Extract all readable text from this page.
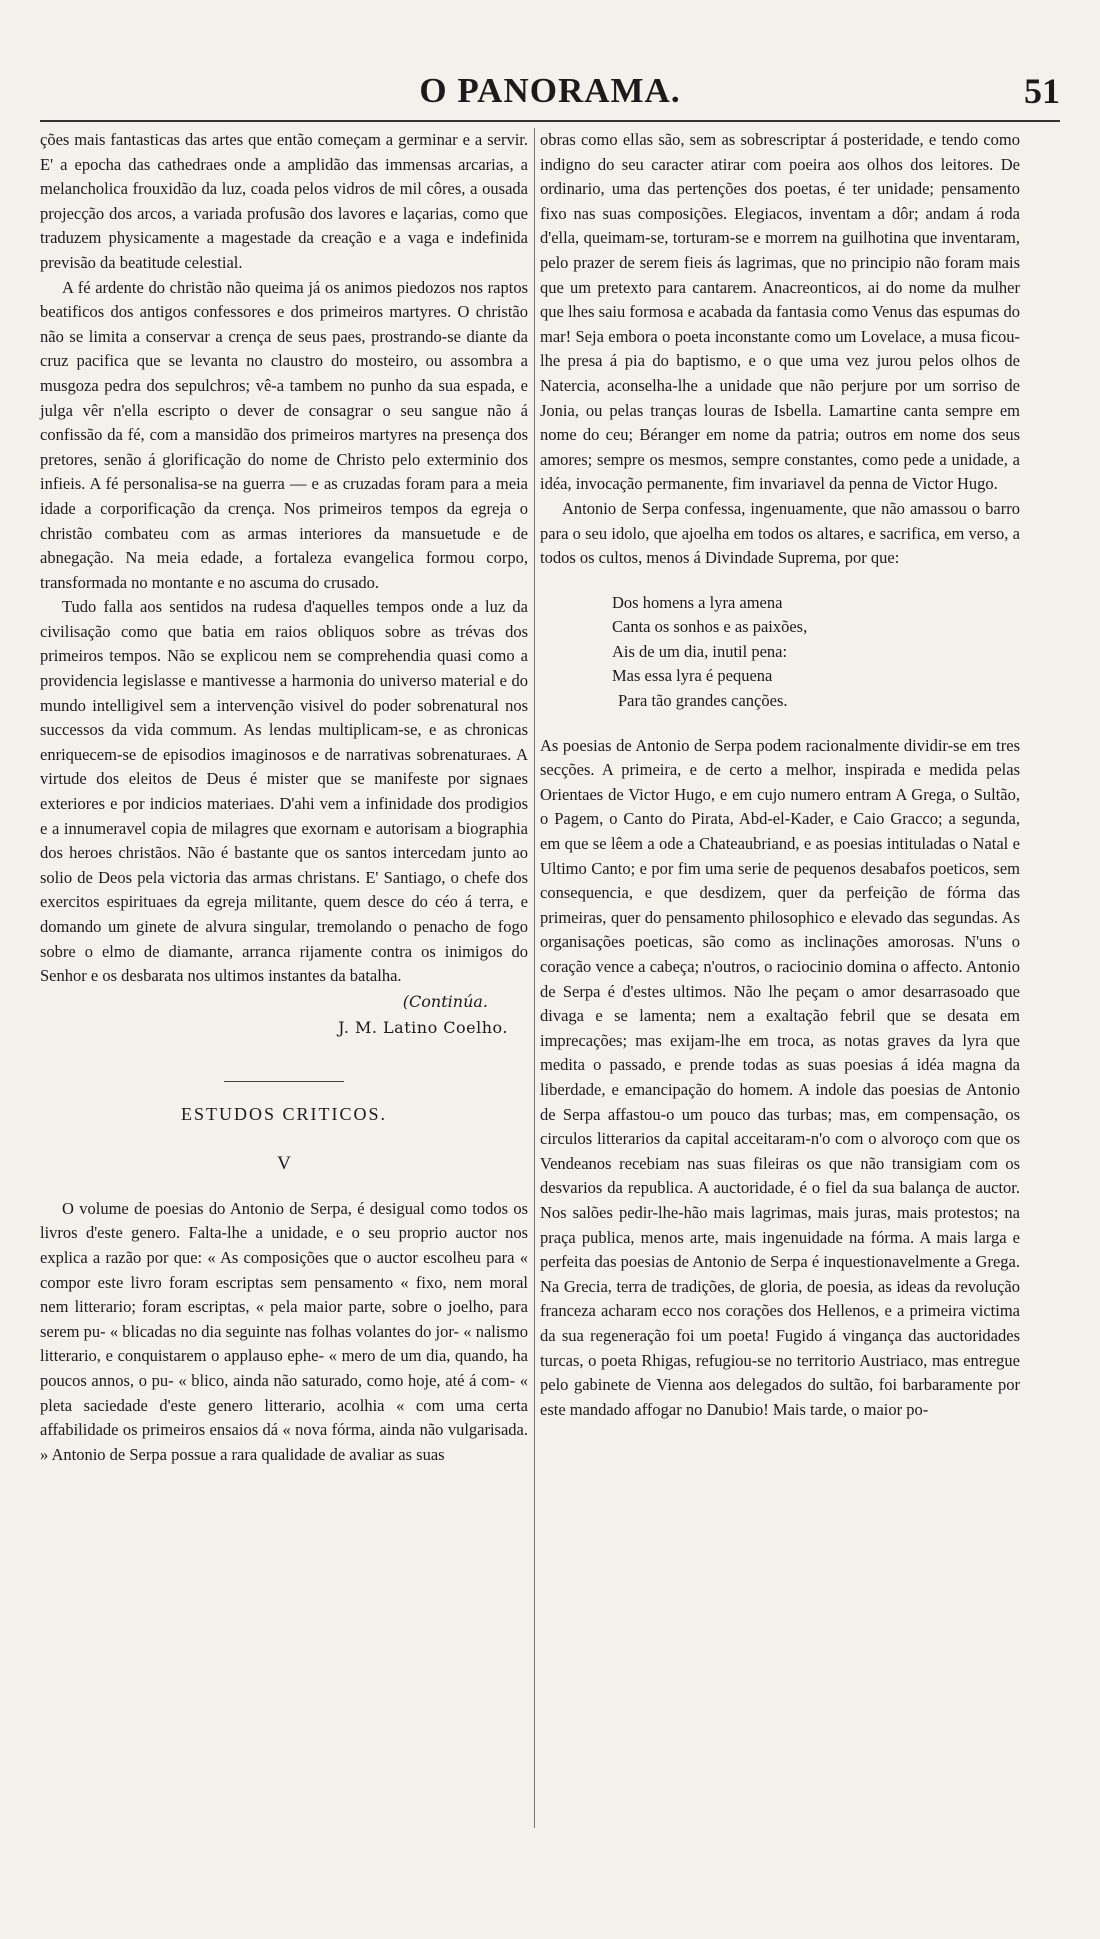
O PANORAMA.	51

ções mais fantasticas das artes que então começam a germinar e a servir. E' a epocha das cathedraes onde a amplidão das immensas arcarias, a melancholica frouxidão da luz, coada pelos vidros de mil côres, a ousada projecção dos arcos, a variada profusão dos lavores e laçarias, como que traduzem physicamente a magestade da creação e a vaga e indefinida previsão da beatitude celestial.

A fé ardente do christão não queima já os animos piedozos nos raptos beatificos dos antigos confessores e dos primeiros martyres. O christão não se limita a conservar a crença de seus paes, prostrando-se diante da cruz pacifica que se levanta no claustro do mosteiro, ou assombra a musgoza pedra dos sepulchros; vê-a tambem no punho da sua espada, e julga vêr n'ella escripto o dever de consagrar o seu sangue não á confissão da fé, com a mansidão dos primeiros martyres na presença dos pretores, senão á glorificação do nome de Christo pelo exterminio dos infieis. A fé personalisa-se na guerra — e as cruzadas foram para a meia idade a corporificação da crença. Nos primeiros tempos da egreja o christão combateu com as armas interiores da mansuetude e de abnegação. Na meia edade, a fortaleza evangelica formou corpo, transformada no montante e no ascuma do crusado.

Tudo falla aos sentidos na rudesa d'aquelles tempos onde a luz da civilisação como que batia em raios obliquos sobre as trévas dos primeiros tempos. Não se explicou nem se comprehendia quasi como a providencia legislasse e mantivesse a harmonia do universo material e do mundo intelligivel sem a intervenção visivel do poder sobrenatural nos successos da vida commum. As lendas multiplicam-se, e as chronicas enriquecem-se de episodios imaginosos e de narrativas sobrenaturaes. A virtude dos eleitos de Deus é mister que se manifeste por signaes exteriores e por indicios materiaes. D'ahi vem a infinidade dos prodigios e a innumeravel copia de milagres que exornam e autorisam a biographia dos heroes christãos. Não é bastante que os santos intercedam junto ao solio de Deos pela victoria das armas christans. E' Santiago, o chefe dos exercitos espirituaes da egreja militante, quem desce do céo á terra, e domando um ginete de alvura singular, tremolando o penacho de fogo sobre o elmo de diamante, arranca rijamente contra os inimigos do Senhor e os desbarata nos ultimos instantes da batalha.

(Continúa.

J. M. Latino Coelho.

ESTUDOS CRITICOS.

V

O volume de poesias do Antonio de Serpa, é desigual como todos os livros d'este genero. Falta-lhe a unidade, e o seu proprio auctor nos explica a razão por que: « As composições que o auctor escolheu para « compor este livro foram escriptas sem pensamento « fixo, nem moral nem litterario; foram escriptas, « pela maior parte, sobre o joelho, para serem pu- « blicadas no dia seguinte nas folhas volantes do jor- « nalismo litterario, e conquistarem o applauso ephe- « mero de um dia, quando, ha poucos annos, o pu- « blico, ainda não saturado, como hoje, até á com- « pleta saciedade d'este genero litterario, acolhia « com uma certa affabilidade os primeiros ensaios dá « nova fórma, ainda não vulgarisada. » Antonio de Serpa possue a rara qualidade de avaliar as suas

obras como ellas são, sem as sobrescriptar á posteridade, e tendo como indigno do seu caracter atirar com poeira aos olhos dos leitores. De ordinario, uma das pertenções dos poetas, é ter unidade; pensamento fixo nas suas composições. Elegiacos, inventam a dôr; andam á roda d'ella, queimam-se, torturam-se e morrem na guilhotina que inventaram, pelo prazer de serem fieis ás lagrimas, que no principio não foram mais que um pretexto para cantarem. Anacreonticos, ai do nome da mulher que lhes saiu formosa e acabada da fantasia como Venus das espumas do mar! Seja embora o poeta inconstante como um Lovelace, a musa ficou-lhe presa á pia do baptismo, e o que uma vez jurou pelos olhos de Natercia, aconselha-lhe a unidade que não perjure por um sorriso de Jonia, ou pelas tranças louras de Isbella. Lamartine canta sempre em nome do ceu; Béranger em nome da patria; outros em nome dos seus amores; sempre os mesmos, sempre constantes, como pede a unidade, a idéa, invocação permanente, fim invariavel da penna de Victor Hugo.

Antonio de Serpa confessa, ingenuamente, que não amassou o barro para o seu idolo, que ajoelha em todos os altares, e sacrifica, em verso, a todos os cultos, menos á Divindade Suprema, por que:

Dos homens a lyra amena

Canta os sonhos e as paixões,

Ais de um dia, inutil pena:

Mas essa lyra é pequena

Para tão grandes canções.

As poesias de Antonio de Serpa podem racionalmente dividir-se em tres secções. A primeira, e de certo a melhor, inspirada e medida pelas Orientaes de Victor Hugo, e em cujo numero entram A Grega, o Sultão, o Pagem, o Canto do Pirata, Abd-el-Kader, e Caio Gracco; a segunda, em que se lêem a ode a Chateaubriand, e as poesias intituladas o Natal e Ultimo Canto; e por fim uma serie de pequenos desabafos poeticos, sem consequencia, e que desdizem, quer da perfeição de fórma das primeiras, quer do pensamento philosophico e elevado das segundas. As organisações poeticas, são como as inclinações amorosas. N'uns o coração vence a cabeça; n'outros, o raciocinio domina o affecto. Antonio de Serpa é d'estes ultimos. Não lhe peçam o amor desarrasoado que divaga e se lamenta; nem a exaltação febril que se desata em imprecações; mas exijam-lhe em troca, as notas graves da lyra que medita o passado, e prende todas as suas poesias á idéa magna da liberdade, e emancipação do homem. A indole das poesias de Antonio de Serpa affastou-o um pouco das turbas; mas, em compensação, os circulos litterarios da capital acceitaram-n'o com o alvoroço com que os Vendeanos recebiam nas suas fileiras os que não transigiam com os desvarios da republica. A auctoridade, é o fiel da sua balança de auctor. Nos salões pedir-lhe-hão mais lagrimas, mais juras, mais protestos; na praça publica, menos arte, mais ingenuidade na fórma. A mais larga e perfeita das poesias de Antonio de Serpa é inquestionavelmente a Grega. Na Grecia, terra de tradições, de gloria, de poesia, as ideas da revolução franceza acharam ecco nos corações dos Hellenos, e a primeira victima da sua regeneração foi um poeta! Fugido á vingança das auctoridades turcas, o poeta Rhigas, refugiou-se no territorio Austriaco, mas entregue pelo gabinete de Vienna aos delegados do sultão, foi barbaramente por este mandado affogar no Danubio! Mais tarde, o maior po-
